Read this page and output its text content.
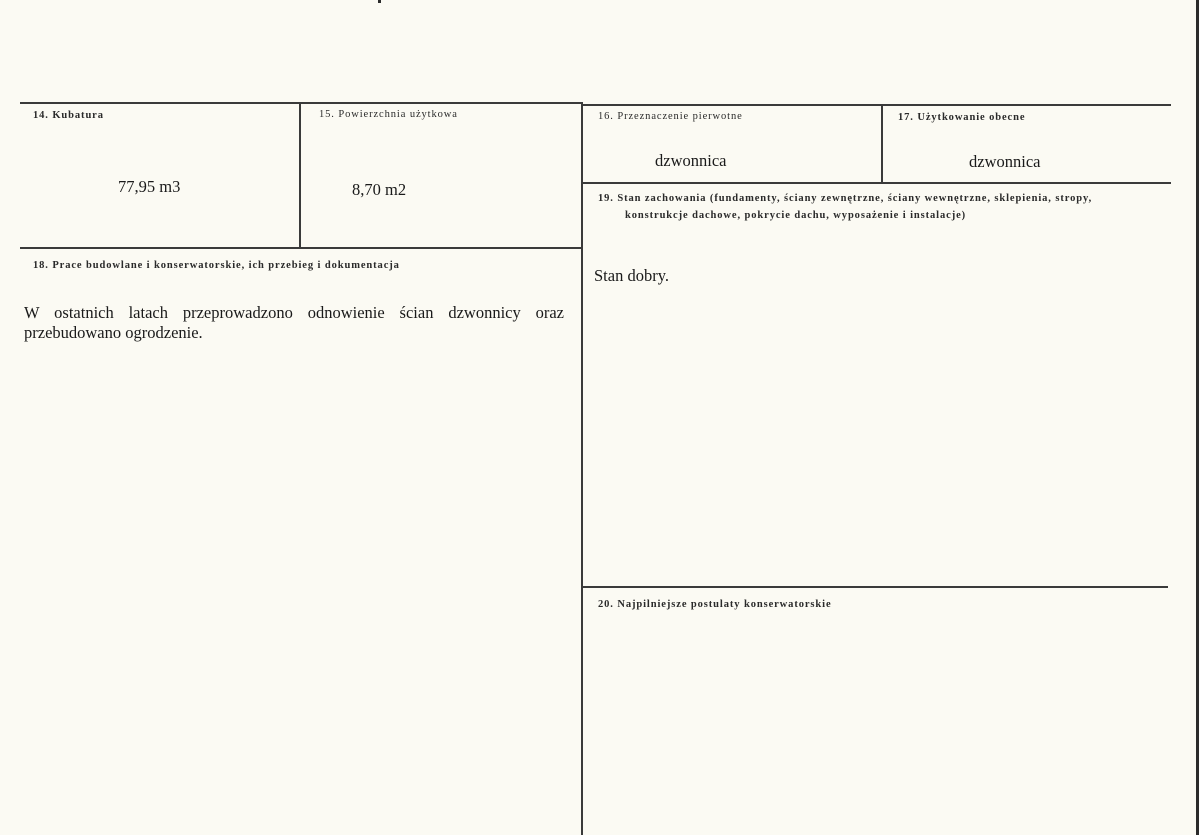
14. Kubatura
77,95 m3
15. Powierzchnia użytkowa
8,70 m2
16. Przeznaczenie pierwotne
dzwonnica
17. Użytkowanie obecne
dzwonnica
19. Stan zachowania (fundamenty, ściany zewnętrzne, ściany wewnętrzne, sklepienia, stropy,
konstrukcje dachowe, pokrycie dachu, wyposażenie i instalacje)
Stan dobry.
18. Prace budowlane i konserwatorskie, ich przebieg i dokumentacja
W ostatnich latach przeprowadzono odnowienie ścian dzwonnicy oraz przebudowano ogrodzenie.
20. Najpilniejsze postulaty konserwatorskie
